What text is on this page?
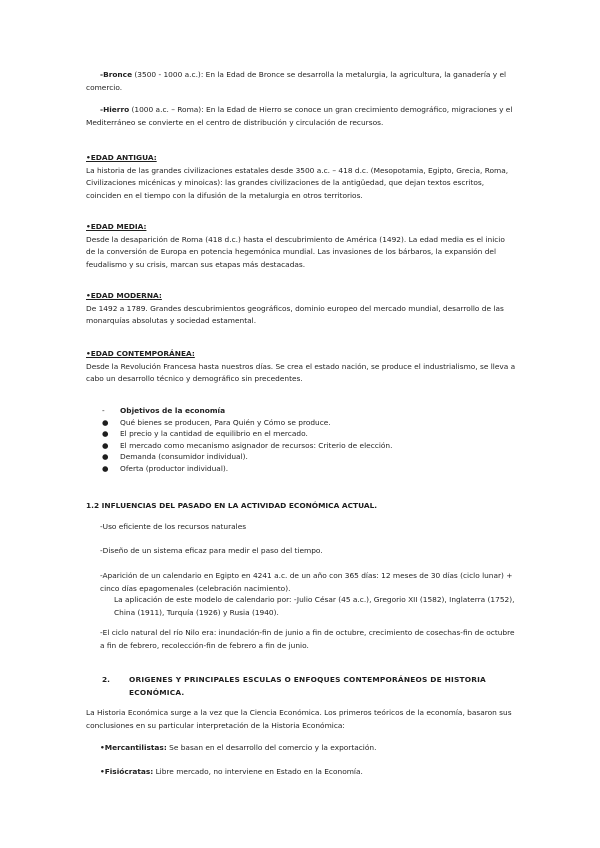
-Bronce (3500 - 1000 a.c.): En la Edad de Bronce se desarrolla la metalurgia, la agricultura, la ganadería y el comercio.

-Hierro (1000 a.c. – Roma): En la Edad de Hierro se conoce un gran crecimiento demográfico, migraciones y el Mediterráneo se convierte en el centro de distribución y circulación de recursos.

•EDAD ANTIGUA:
La historia de las grandes civilizaciones estatales desde 3500 a.c. – 418 d.c. (Mesopotamia, Egipto, Grecia, Roma, Civilizaciones micénicas y minoicas): las grandes civilizaciones de la antigüedad, que dejan textos escritos, coinciden en el tiempo con la difusión de la metalurgia en otros territorios.
•EDAD MEDIA:
Desde la desaparición de Roma (418 d.c.) hasta el descubrimiento de América (1492). La edad media es el inicio de la conversión de Europa en potencia hegemónica mundial. Las invasiones de los bárbaros, la expansión del feudalismo y su crisis, marcan sus etapas más destacadas.
•EDAD MODERNA:
De 1492 a 1789. Grandes descubrimientos geográficos, dominio europeo del mercado mundial, desarrollo de las monarquías absolutas y sociedad estamental.
•EDAD CONTEMPORÁNEA:
Desde la Revolución Francesa hasta nuestros días. Se crea el estado nación, se produce el industrialismo, se lleva a cabo un desarrollo técnico y demográfico sin precedentes.
-	Objetivos de la economía
●	Qué bienes se producen, Para Quién y Cómo se produce.
●	El precio y la cantidad de equilibrio en el mercado.
●	El mercado como mecanismo asignador de recursos: Criterio de elección.
●	Demanda (consumidor individual).
●	Oferta (productor individual).
1.2 INFLUENCIAS DEL PASADO EN LA ACTIVIDAD ECONÓMICA ACTUAL.

-Uso eficiente de los recursos naturales

-Diseño de un sistema eficaz para medir el paso del tiempo.

-Aparición de un calendario en Egipto en 4241 a.c. de un año con 365 días: 12 meses de 30 días (ciclo lunar) + cinco días epagomenales (celebración nacimiento).

La aplicación de este modelo de calendario por: -Julio César (45 a.c.), Gregorio XII (1582), Inglaterra (1752), China (1911), Turquía (1926) y Rusia (1940).

-El ciclo natural del río Nilo era: inundación-fin de junio a fin de octubre, crecimiento de cosechas-fin de octubre a fin de febrero, recolección-fin de febrero a fin de junio.

2.	ORIGENES Y PRINCIPALES ESCULAS O ENFOQUES CONTEMPORÁNEOS DE HISTORIA ECONÓMICA.

La Historia Económica surge a la vez que la Ciencia Económica. Los primeros teóricos de la economía, basaron sus conclusiones en su particular interpretación de la Historia Económica:

•Mercantilistas: Se basan en el desarrollo del comercio y la exportación.

•Fisiócratas: Libre mercado, no interviene en Estado en la Economía.
